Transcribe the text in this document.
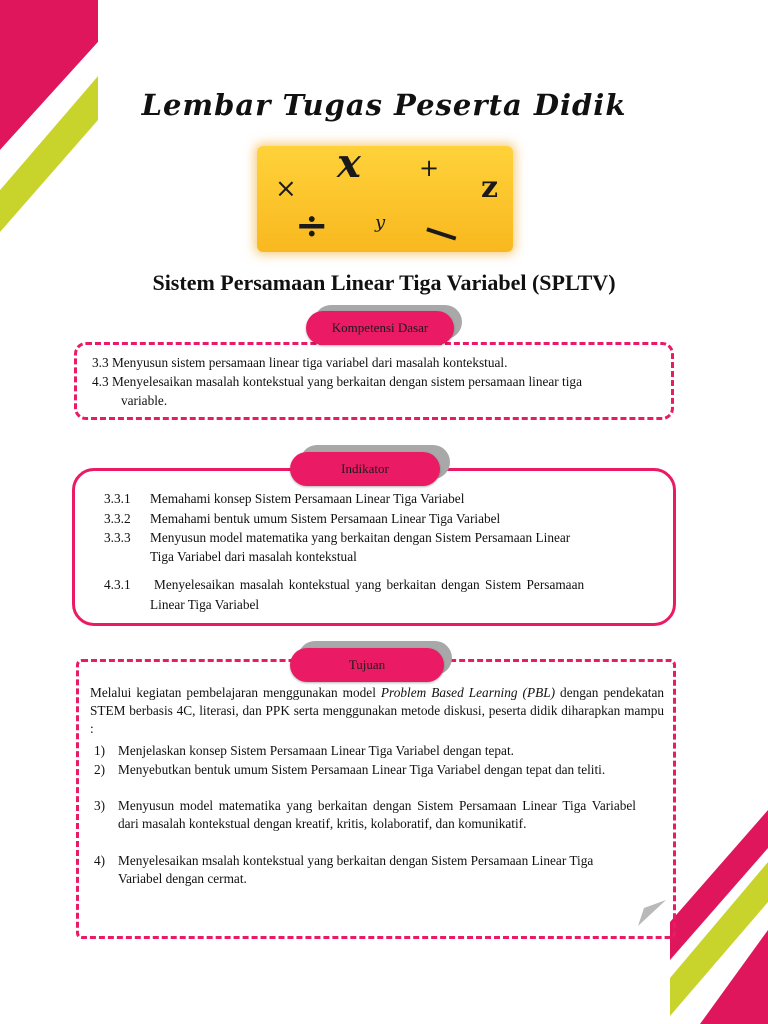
Lembar Tugas Peserta Didik
x +
×	z
÷	y —
Sistem Persamaan Linear Tiga Variabel (SPLTV)
Kompetensi Dasar
3.3 Menyusun sistem persamaan linear tiga variabel dari masalah kontekstual.
4.3 Menyelesaikan masalah kontekstual yang berkaitan dengan sistem persamaan linear tiga
variable.
Indikator
3.3.1 Memahami konsep Sistem Persamaan Linear Tiga Variabel
3.3.2 Memahami bentuk umum Sistem Persamaan Linear Tiga Variabel
3.3.3 Menyusun model matematika yang berkaitan dengan Sistem Persamaan Linear
Tiga Variabel dari masalah kontekstual
4.3.1 Menyelesaikan masalah kontekstual yang berkaitan dengan Sistem Persamaan
Linear Tiga Variabel
Tujuan
Melalui kegiatan pembelajaran menggunakan model Problem Based Learning (PBL) dengan pendekatan STEM berbasis 4C, literasi, dan PPK serta menggunakan metode diskusi, peserta didik diharapkan mampu :
1) Menjelaskan konsep Sistem Persamaan Linear Tiga Variabel dengan tepat.
2) Menyebutkan bentuk umum Sistem Persamaan Linear Tiga Variabel dengan tepat dan teliti.
3) Menyusun model matematika yang berkaitan dengan Sistem Persamaan Linear Tiga Variabel dari masalah kontekstual dengan kreatif, kritis, kolaboratif, dan komunikatif.
4) Menyelesaikan msalah kontekstual yang berkaitan dengan Sistem Persamaan Linear Tiga Variabel dengan cermat.
